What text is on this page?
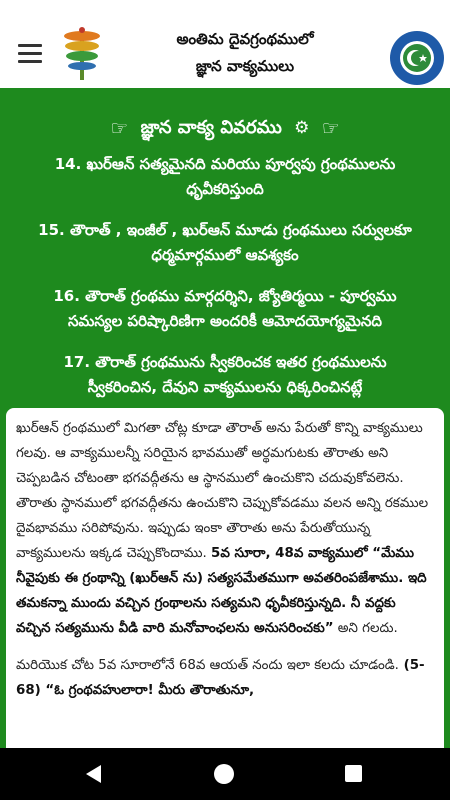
అంతిమ దైవగ్రంథములో
జ్ఞాన వాక్యములు
☞ జ్ఞాన వాక్య వివరము ⚙ ☞
14. ఖుర్ఆన్ సత్యమైనది మరియు పూర్వపు గ్రంథములను
ధృవీకరిస్తుంది
15. తౌరాత్ , ఇంజీల్ , ఖుర్ఆన్ మూడు గ్రంథములు సర్వులకూ
ధర్మమార్గములో ఆవశ్యకం
16. తౌరాత్ గ్రంథము మార్గదర్శిని, జ్యోతిర్మయి - పూర్వము
సమస్యల పరిష్కారిణిగా అందరికీ ఆమోదయోగ్యమైనది
17. తౌరాత్ గ్రంథమును స్వీకరించక ఇతర గ్రంథములను
స్వీకరించిన, దేవుని వాక్యములను ధిక్కరించినట్లే

ఖుర్ఆన్ గ్రంథములో మిగతా చోట్ల కూడా తౌరాత్ అను పేరుతో కొన్ని వాక్యములు గలవు. ఆ వాక్యములన్నీ సరియైన భావముతో అర్థమగుటకు తౌరాతు అని చెప్పబడిన చోటంతా భగవద్గీతను ఆ స్థానములో ఉంచుకొని చదువుకోవలెను. తౌరాతు స్థానములో భగవద్గీతను ఉంచుకొని చెప్పుకోవడము వలన అన్ని రకముల దైవభావము సరిపోవును. ఇప్పుడు ఇంకా తౌరాతు అను పేరుతోయున్న వాక్యములను ఇక్కడ చెప్పుకొందాము. 5వ సూరా, 48వ వాక్యములో “మేము నీవైపుకు ఈ గ్రంథాన్ని (ఖుర్ఆన్ ను) సత్యసమేతముగా అవతరింపజేశాము. ఇది తమకన్నా ముందు వచ్చిన గ్రంథాలను సత్యమని ధృవీకరిస్తున్నది. నీ వద్దకు వచ్చిన సత్యమును వీడి వారి మనోవాంఛలను అనుసరించకు” అని గలదు.

మరియొక చోట 5వ సూరాలోనే 68వ ఆయత్ నందు ఇలా కలదు చూడండి. (5-68) “ఓ గ్రంథవహులారా! మీరు తౌరాతునూ,
